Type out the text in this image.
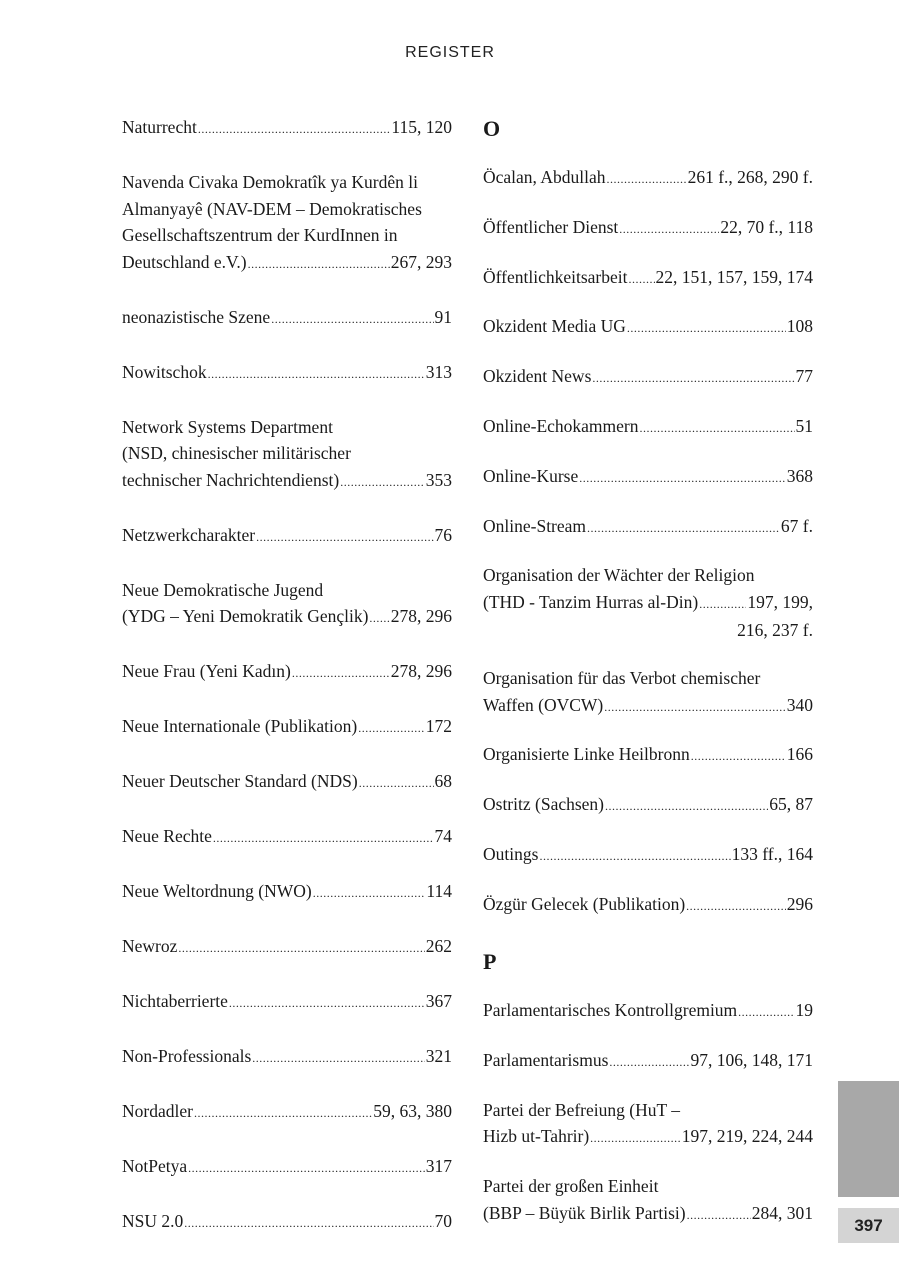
REGISTER
Naturrecht .....	115, 120
Navenda Civaka Demokratîk ya Kurdên li
Almanyayê (NAV-DEM – Demokratisches
Gesellschaftszentrum der KurdInnen in
Deutschland e.V.) .....	267, 293
neonazistische Szene .....	91
Nowitschok .....	313
Network Systems Department
(NSD, chinesischer militärischer
technischer Nachrichtendienst) .....	353
Netzwerkcharakter .....	76
Neue Demokratische Jugend
(YDG – Yeni Demokratik Gençlik) ..... 278, 296
Neue Frau (Yeni Kadın) .....	278, 296
Neue Internationale (Publikation) .....	172
Neuer Deutscher Standard (NDS) .....	68
Neue Rechte .....	74
Neue Weltordnung (NWO) .....	114
Newroz .....	262
Nichtaberrierte .....	367
Non-Professionals .....	321
Nordadler .....	59, 63, 380
NotPetya .....	317
NSU 2.0 .....	70
O
Öcalan, Abdullah .....	261 f., 268, 290 f.
Öffentlicher Dienst .....	22, 70 f., 118
Öffentlichkeitsarbeit ..... 22, 151, 157, 159, 174
Okzident Media UG .....	108
Okzident News .....	77
Online-Echokammern .....	51
Online-Kurse .....	368
Online-Stream .....	67 f.
Organisation der Wächter der Religion
(THD - Tanzim Hurras al-Din) .....	197, 199,
216, 237 f.
Organisation für das Verbot chemischer
Waffen (OVCW) .....	340
Organisierte Linke Heilbronn .....	166
Ostritz (Sachsen) .....	65, 87
Outings .....	133 ff., 164
Özgür Gelecek (Publikation) .....	296
P
Parlamentarisches Kontrollgremium .....	19
Parlamentarismus .....	97, 106, 148, 171
Partei der Befreiung (HuT –
Hizb ut-Tahrir) .....	197, 219, 224, 244
Partei der großen Einheit
(BBP – Büyük Birlik Partisi) .....	284, 301
397
